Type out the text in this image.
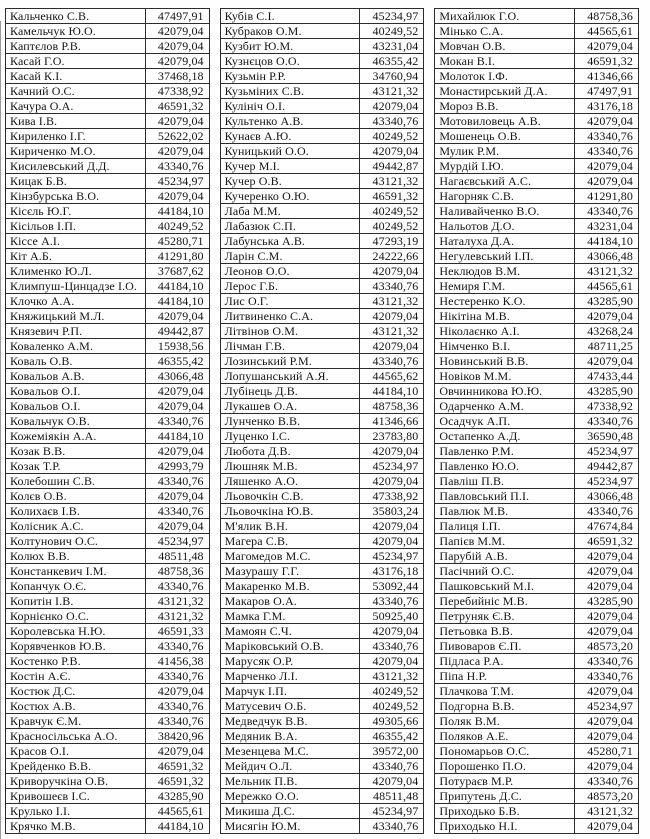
Кальченко С.В.	47497,91
Камельчук Ю.О.	42079,04
Каптєлов Р.В.	42079,04
Касай Г.О.	42079,04
Касай К.І.	37468,18
Качний О.С.	47338,92
Качура О.А.	46591,32
Кива І.В.	42079,04
Кириленко І.Г.	52622,02
Кириченко М.О.	42079,04
Кисилевський Д.Д.	43340,76
Кицак Б.В.	45234,97
Кінзбурська В.О.	42079,04
Кісєль Ю.Г.	44184,10
Кісільов І.П.	40249,52
Кіссе А.І.	45280,71
Кіт А.Б.	41291,80
Клименко Ю.Л.	37687,62
Климпуш-Цинцадзе І.О.	44184,10
Клочко А.А.	44184,10
Княжицький М.Л.	42079,04
Князевич Р.П.	49442,87
Коваленко А.М.	15938,56
Коваль О.В.	46355,42
Ковальов А.В.	43066,48
Ковальов О.І.	42079,04
Ковальов О.І.	42079,04
Ковальчук О.В.	43340,76
Кожеміякін А.А.	44184,10
Козак В.В.	42079,04
Козак Т.Р.	42993,79
Колебошин С.В.	43340,76
Колєв О.В.	42079,04
Колихаєв І.В.	43340,76
Колісник А.С.	42079,04
Колтунович О.С.	45234,97
Колюх В.В.	48511,48
Констанкевич І.М.	48758,36
Копанчук О.Є.	43340,76
Копитін І.В.	43121,32
Корнієнко О.С.	43121,32
Королевська Н.Ю.	46591,33
Корявченков Ю.В.	43340,76
Костенко Р.В.	41456,38
Костін А.Є.	43340,76
Костюк Д.С.	42079,04
Костюх А.В.	43340,76
Кравчук Є.М.	43340,76
Красносільська А.О.	38420,96
Красов О.І.	42079,04
Крейденко В.В.	46591,32
Криворучкіна О.В.	46591,32
Кривошеєв І.С.	43285,90
Крулько І.І.	44565,61
Крячко М.В.	44184,10
Кубів С.І.	45234,97
Кубраков О.М.	40249,52
Кузбит Ю.М.	43231,04
Кузнєцов О.О.	46355,42
Кузьмін Р.Р.	34760,94
Кузьміних С.В.	43121,32
Кулініч О.І.	42079,04
Культенко А.В.	43340,76
Кунаєв А.Ю.	40249,52
Куницький О.О.	42079,04
Кучер М.І.	49442,87
Кучер О.В.	43121,32
Кучеренко О.Ю.	46591,32
Лаба М.М.	40249,52
Лабазюк С.П.	40249,52
Лабунська А.В.	47293,19
Ларін С.М.	24222,66
Леонов О.О.	42079,04
Лерос Г.Б.	43340,76
Лис О.Г.	43121,32
Литвиненко С.А.	42079,04
Літвінов О.М.	43121,32
Лічман Г.В.	42079,04
Лозинський Р.М.	43340,76
Лопушанський А.Я.	44565,62
Лубінець Д.В.	44184,10
Лукашев О.А.	48758,36
Лунченко В.В.	41346,66
Луценко І.С.	23783,80
Любота Д.В.	42079,04
Люшняк М.В.	45234,97
Ляшенко А.О.	42079,04
Льовочкін С.В.	47338,92
Льовочкіна Ю.В.	35803,24
М'ялик В.Н.	42079,04
Магера С.В.	42079,04
Магомедов М.С.	45234,97
Мазурашу Г.Г.	43176,18
Макаренко М.В.	53092,44
Макаров О.А.	43340,76
Мамка Г.М.	50925,40
Мамоян С.Ч.	42079,04
Маріковський О.В.	43340,76
Марусяк О.Р.	42079,04
Марченко Л.І.	43121,32
Марчук І.П.	40249,52
Матусевич О.Б.	40249,52
Медведчук В.В.	49305,66
Медяник В.А.	46355,42
Мезенцева М.С.	39572,00
Мейдич О.Л.	43340,76
Мельник П.В.	42079,04
Мережко О.О.	48511,48
Микиша Д.С.	45234,97
Мисягін Ю.М.	43340,76
Михайлюк Г.О.	48758,36
Мінько С.А.	44565,61
Мовчан О.В.	42079,04
Мокан В.І.	46591,32
Молоток І.Ф.	41346,66
Монастирський Д.А.	47497,91
Мороз В.В.	43176,18
Мотовиловець А.В.	42079,04
Мошенець О.В.	43340,76
Мулик Р.М.	43340,76
Мурдій І.Ю.	42079,04
Нагаєвський А.С.	42079,04
Нагорняк С.В.	41291,80
Наливайченко В.О.	43340,76
Нальотов Д.О.	43231,04
Наталуха Д.А.	44184,10
Негулевський І.П.	43066,48
Неклюдов В.М.	43121,32
Немиря Г.М.	44565,61
Нестеренко К.О.	43285,90
Нікітіна М.В.	42079,04
Ніколаєнко А.І.	43268,24
Німченко В.І.	48711,25
Новинський В.В.	42079,04
Новіков М.М.	47433,44
Овчинникова Ю.Ю.	43285,90
Одарченко А.М.	47338,92
Осадчук А.П.	43340,76
Остапенко А.Д.	36590,48
Павленко Р.М.	45234,97
Павленко Ю.О.	49442,87
Павліш П.В.	45234,97
Павловський П.І.	43066,48
Павлюк М.В.	43340,76
Палиця І.П.	47674,84
Папієв М.М.	46591,32
Парубій А.В.	42079,04
Пасічний О.С.	42079,04
Пашковський М.І.	42079,04
Перебийніс М.В.	43285,90
Петруняк Є.В.	42079,04
Петьовка В.В.	42079,04
Пивоваров Є.П.	48573,20
Підласа Р.А.	43340,76
Піпа Н.Р.	43340,76
Плачкова Т.М.	42079,04
Подгорна В.В.	45234,97
Поляк В.М.	42079,04
Поляков А.Е.	42079,04
Пономарьов О.С.	45280,71
Порошенко П.О.	42079,04
Потураєв М.Р.	43340,76
Припутень Д.С.	48573,20
Приходько Б.В.	43121,32
Приходько Н.І.	42079,04
